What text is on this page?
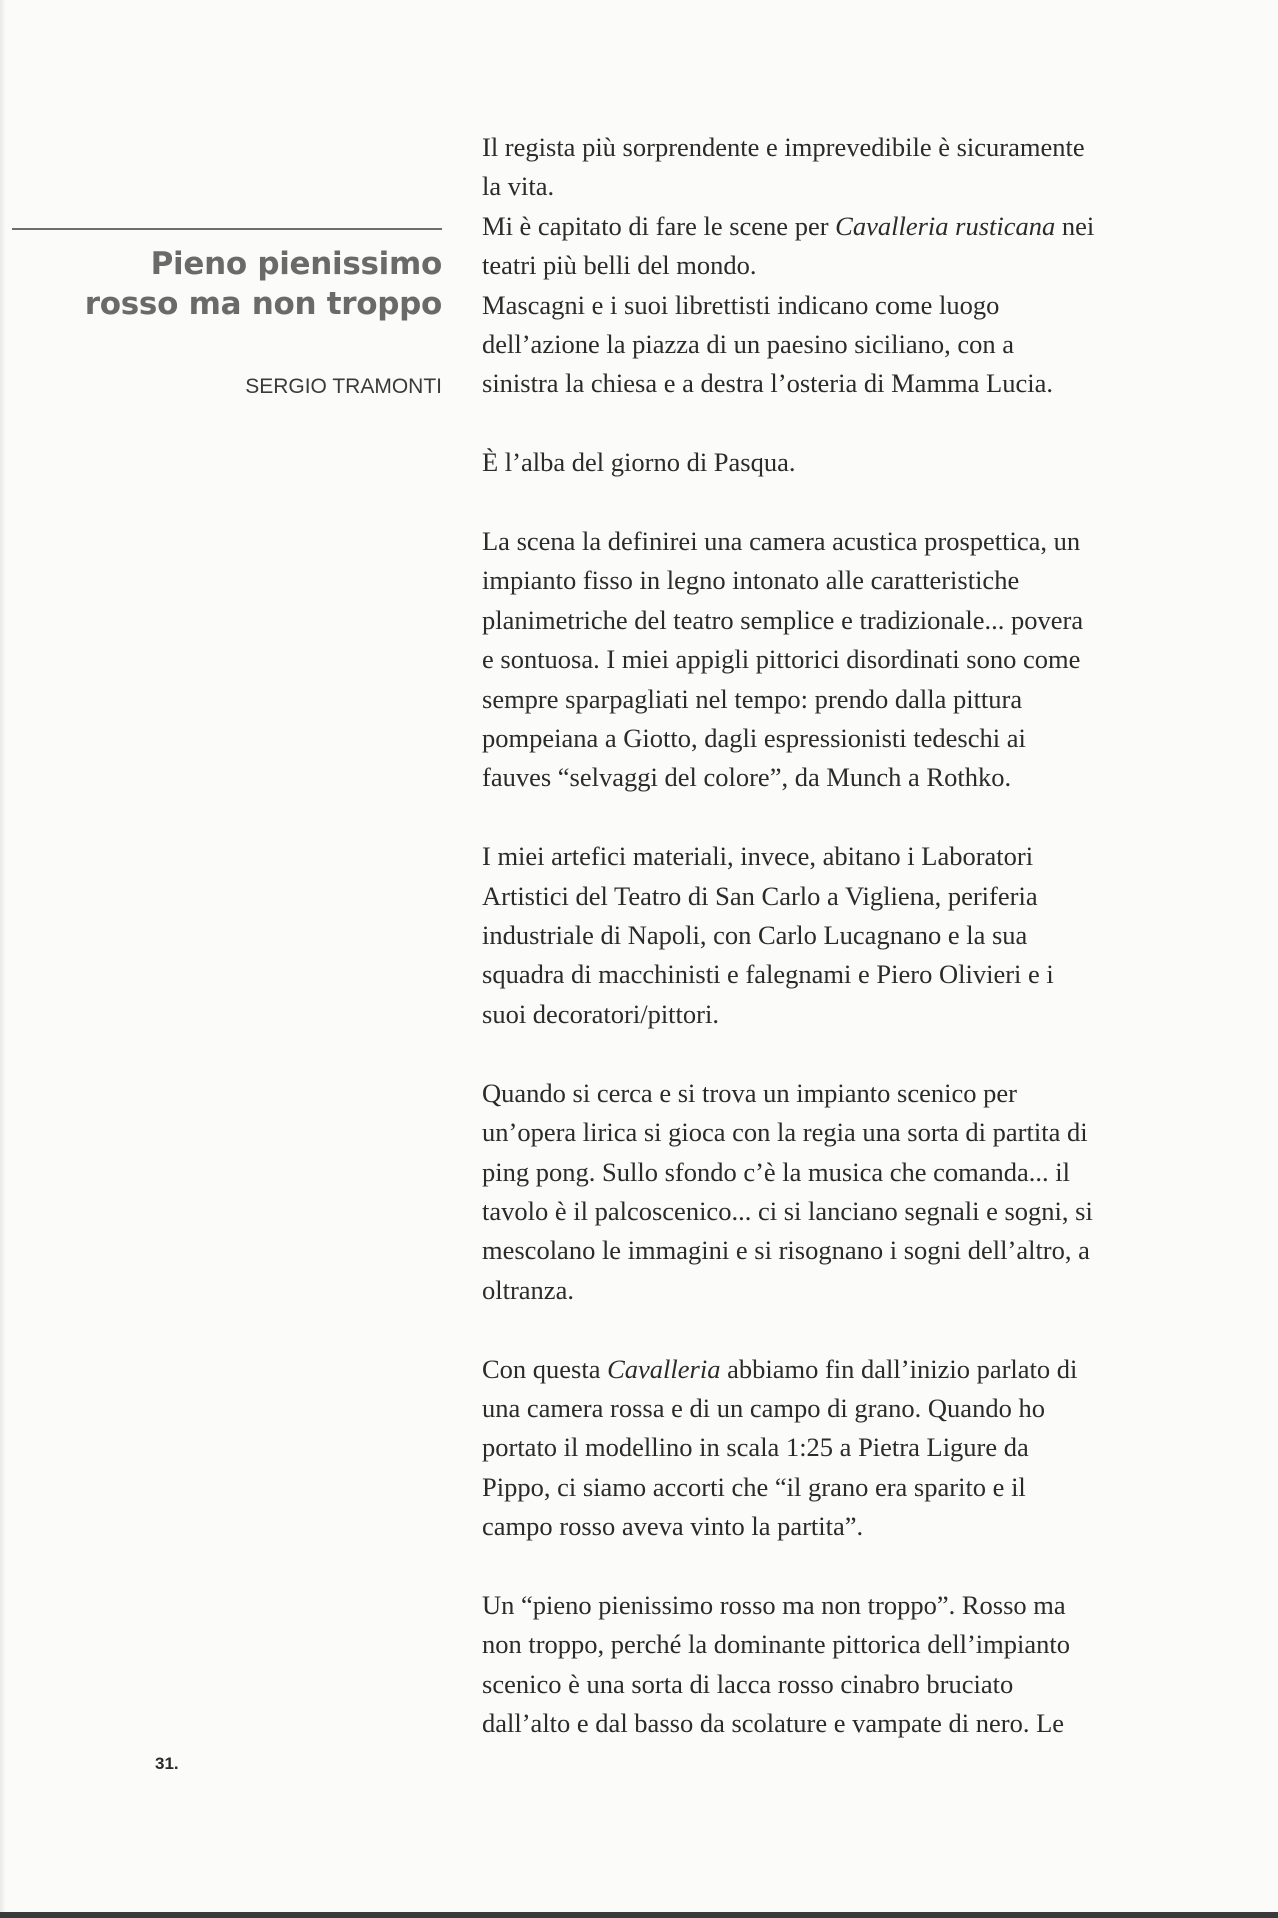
Pieno pienissimo
rosso ma non troppo
SERGIO TRAMONTI
Il regista più sorprendente e imprevedibile è sicuramente
la vita.
Mi è capitato di fare le scene per Cavalleria rusticana nei
teatri più belli del mondo.
Mascagni e i suoi librettisti indicano come luogo
dell’azione la piazza di un paesino siciliano, con a
sinistra la chiesa e a destra l’osteria di Mamma Lucia.
È l’alba del giorno di Pasqua.
La scena la definirei una camera acustica prospettica, un
impianto fisso in legno intonato alle caratteristiche
planimetriche del teatro semplice e tradizionale... povera
e sontuosa. I miei appigli pittorici disordinati sono come
sempre sparpagliati nel tempo: prendo dalla pittura
pompeiana a Giotto, dagli espressionisti tedeschi ai
fauves “selvaggi del colore”, da Munch a Rothko.
I miei artefici materiali, invece, abitano i Laboratori
Artistici del Teatro di San Carlo a Vigliena, periferia
industriale di Napoli, con Carlo Lucagnano e la sua
squadra di macchinisti e falegnami e Piero Olivieri e i
suoi decoratori/pittori.
Quando si cerca e si trova un impianto scenico per
un’opera lirica si gioca con la regia una sorta di partita di
ping pong. Sullo sfondo c’è la musica che comanda... il
tavolo è il palcoscenico... ci si lanciano segnali e sogni, si
mescolano le immagini e si risognano i sogni dell’altro, a
oltranza.
Con questa Cavalleria abbiamo fin dall’inizio parlato di
una camera rossa e di un campo di grano. Quando ho
portato il modellino in scala 1:25 a Pietra Ligure da
Pippo, ci siamo accorti che “il grano era sparito e il
campo rosso aveva vinto la partita”.
Un “pieno pienissimo rosso ma non troppo”. Rosso ma
non troppo, perché la dominante pittorica dell’impianto
scenico è una sorta di lacca rosso cinabro bruciato
dall’alto e dal basso da scolature e vampate di nero. Le
31.
